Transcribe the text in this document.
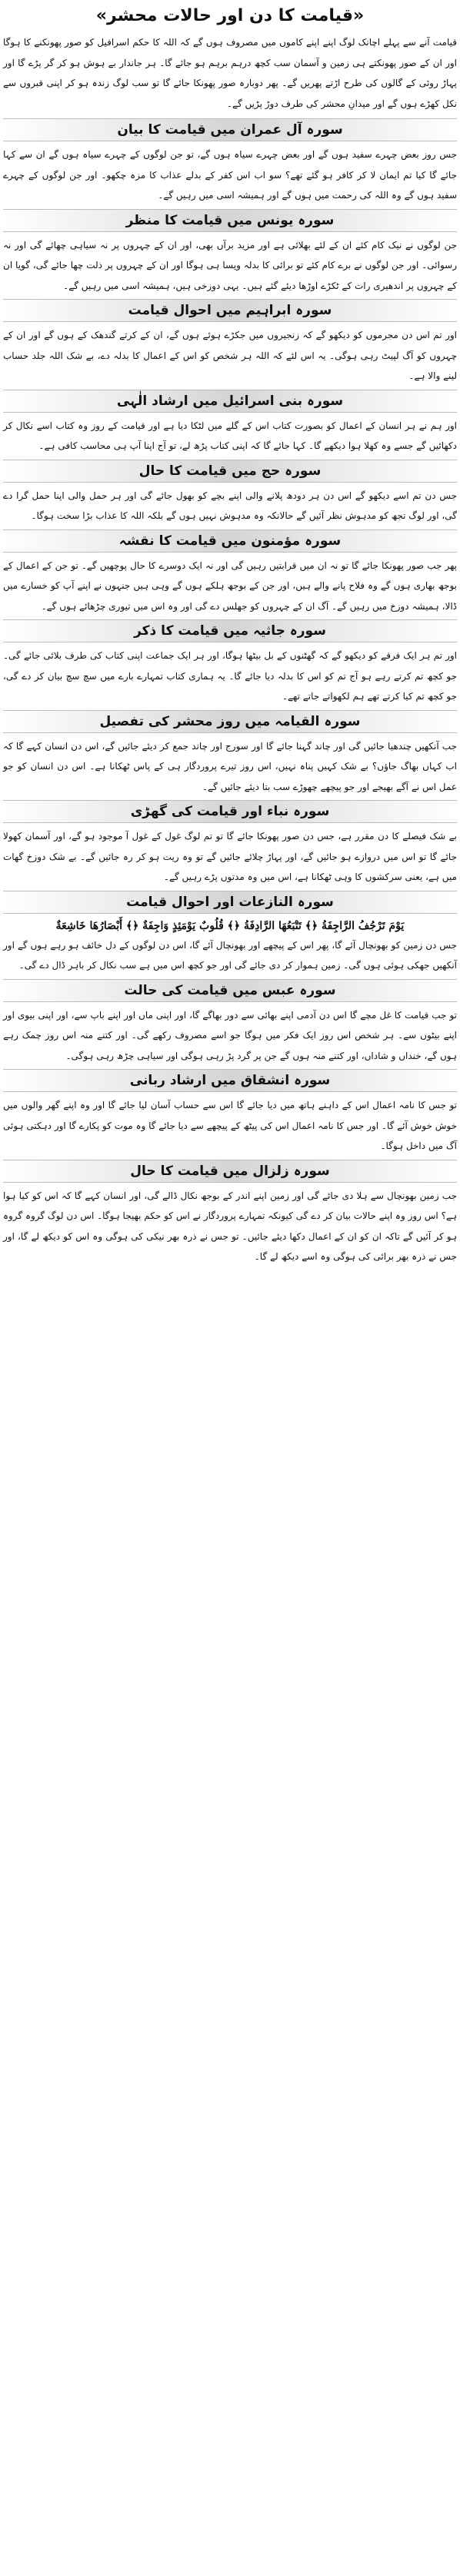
«قیامت کا دن اور حالات محشر»

قیامت آنے سے پہلے اچانک لوگ اپنے اپنے کاموں میں مصروف ہوں گے کہ اللہ کا حکم اسرافیل کو صور پھونکنے کا ہوگا اور ان کے صور پھونکتے ہی زمین و آسمان سب کچھ درہم برہم ہو جائے گا۔ ہر جاندار بے ہوش ہو کر گر پڑے گا اور پہاڑ روئی کے گالوں کی طرح اڑتے پھریں گے۔ پھر دوبارہ صور پھونکا جائے گا تو سب لوگ زندہ ہو کر اپنی قبروں سے نکل کھڑے ہوں گے اور میدانِ محشر کی طرف دوڑ پڑیں گے۔

سورہ آل عمران میں قیامت کا بیان

جس روز بعض چہرے سفید ہوں گے اور بعض چہرے سیاہ ہوں گے، تو جن لوگوں کے چہرے سیاہ ہوں گے ان سے کہا جائے گا کیا تم ایمان لا کر کافر ہو گئے تھے؟ سو اب اس کفر کے بدلے عذاب کا مزہ چکھو۔ اور جن لوگوں کے چہرے سفید ہوں گے وہ اللہ کی رحمت میں ہوں گے اور ہمیشہ اسی میں رہیں گے۔

سورہ یونس میں قیامت کا منظر

جن لوگوں نے نیک کام کئے ان کے لئے بھلائی ہے اور مزید برآں بھی، اور ان کے چہروں پر نہ سیاہی چھائے گی اور نہ رسوائی۔ اور جن لوگوں نے برے کام کئے تو برائی کا بدلہ ویسا ہی ہوگا اور ان کے چہروں پر ذلت چھا جائے گی، گویا ان کے چہروں پر اندھیری رات کے ٹکڑے اوڑھا دیئے گئے ہیں۔ یہی دوزخی ہیں، ہمیشہ اسی میں رہیں گے۔

سورہ ابراہیم میں احوال قیامت

اور تم اس دن مجرموں کو دیکھو گے کہ زنجیروں میں جکڑے ہوئے ہوں گے، ان کے کرتے گندھک کے ہوں گے اور ان کے چہروں کو آگ لپیٹ رہی ہوگی۔ یہ اس لئے کہ اللہ ہر شخص کو اس کے اعمال کا بدلہ دے، بے شک اللہ جلد حساب لینے والا ہے۔

سورہ بنی اسرائیل میں ارشاد الٰہی

اور ہم نے ہر انسان کے اعمال کو بصورت کتاب اس کے گلے میں لٹکا دیا ہے اور قیامت کے روز وہ کتاب اسے نکال کر دکھائیں گے جسے وہ کھلا ہوا دیکھے گا۔ کہا جائے گا کہ اپنی کتاب پڑھ لے، تو آج اپنا آپ ہی محاسب کافی ہے۔

سورہ حج میں قیامت کا حال

جس دن تم اسے دیکھو گے اس دن ہر دودھ پلانے والی اپنے بچے کو بھول جائے گی اور ہر حمل والی اپنا حمل گرا دے گی، اور لوگ تجھ کو مدہوش نظر آئیں گے حالانکہ وہ مدہوش نہیں ہوں گے بلکہ اللہ کا عذاب بڑا سخت ہوگا۔

سورہ مؤمنون میں قیامت کا نقشہ

پھر جب صور پھونکا جائے گا تو نہ ان میں قرابتیں رہیں گی اور نہ ایک دوسرے کا حال پوچھیں گے۔ تو جن کے اعمال کے بوجھ بھاری ہوں گے وہ فلاح پانے والے ہیں، اور جن کے بوجھ ہلکے ہوں گے وہی ہیں جنہوں نے اپنے آپ کو خسارے میں ڈالا، ہمیشہ دوزخ میں رہیں گے۔ آگ ان کے چہروں کو جھلس دے گی اور وہ اس میں تیوری چڑھائے ہوں گے۔

سورہ جاثیہ میں قیامت کا ذکر

اور تم ہر ایک فرقے کو دیکھو گے کہ گھٹنوں کے بل بیٹھا ہوگا، اور ہر ایک جماعت اپنی کتاب کی طرف بلائی جائے گی۔ جو کچھ تم کرتے رہے ہو آج تم کو اس کا بدلہ دیا جائے گا۔ یہ ہماری کتاب تمہارے بارے میں سچ سچ بیان کر دے گی، جو کچھ تم کیا کرتے تھے ہم لکھواتے جاتے تھے۔

سورہ القیامہ میں روز محشر کی تفصیل

جب آنکھیں چندھیا جائیں گی اور چاند گہنا جائے گا اور سورج اور چاند جمع کر دیئے جائیں گے، اس دن انسان کہے گا کہ اب کہاں بھاگ جاؤں؟ بے شک کہیں پناہ نہیں، اس روز تیرے پروردگار ہی کے پاس ٹھکانا ہے۔ اس دن انسان کو جو عمل اس نے آگے بھیجے اور جو پیچھے چھوڑے سب بتا دیئے جائیں گے۔

سورہ نباء اور قیامت کی گھڑی

بے شک فیصلے کا دن مقرر ہے، جس دن صور پھونکا جائے گا تو تم لوگ غول کے غول آ موجود ہو گے، اور آسمان کھولا جائے گا تو اس میں دروازے ہو جائیں گے، اور پہاڑ چلائے جائیں گے تو وہ ریت ہو کر رہ جائیں گے۔ بے شک دوزخ گھات میں ہے، یعنی سرکشوں کا وہی ٹھکانا ہے، اس میں وہ مدتوں پڑے رہیں گے۔

سورہ النازعات اور احوال قیامت

یَوْمَ تَرْجُفُ الرَّاجِفَةُ ﴿﴾ تَتْبَعُهَا الرَّادِفَةُ ﴿﴾ قُلُوبٌ يَوْمَئِذٍ وَاجِفَةٌ ﴿﴾ أَبْصَارُهَا خَاشِعَةٌ

جس دن زمین کو بھونچال آئے گا، پھر اس کے پیچھے اور بھونچال آئے گا، اس دن لوگوں کے دل خائف ہو رہے ہوں گے اور آنکھیں جھکی ہوئی ہوں گی۔ زمین ہموار کر دی جائے گی اور جو کچھ اس میں ہے سب نکال کر باہر ڈال دے گی۔

سورہ عبس میں قیامت کی حالت

تو جب قیامت کا غل مچے گا اس دن آدمی اپنے بھائی سے دور بھاگے گا، اور اپنی ماں اور اپنے باپ سے، اور اپنی بیوی اور اپنے بیٹوں سے۔ ہر شخص اس روز ایک فکر میں ہوگا جو اسے مصروف رکھے گی۔ اور کتنے منہ اس روز چمک رہے ہوں گے، خنداں و شاداں، اور کتنے منہ ہوں گے جن پر گرد پڑ رہی ہوگی اور سیاہی چڑھ رہی ہوگی۔

سورہ انشقاق میں ارشاد ربانی

تو جس کا نامہ اعمال اس کے داہنے ہاتھ میں دیا جائے گا اس سے حساب آسان لیا جائے گا اور وہ اپنے گھر والوں میں خوش خوش آئے گا۔ اور جس کا نامہ اعمال اس کی پیٹھ کے پیچھے سے دیا جائے گا وہ موت کو پکارے گا اور دہکتی ہوئی آگ میں داخل ہوگا۔

سورہ زلزال میں قیامت کا حال

جب زمین بھونچال سے ہلا دی جائے گی اور زمین اپنے اندر کے بوجھ نکال ڈالے گی، اور انسان کہے گا کہ اس کو کیا ہوا ہے؟ اس روز وہ اپنے حالات بیان کر دے گی کیونکہ تمہارے پروردگار نے اس کو حکم بھیجا ہوگا۔ اس دن لوگ گروہ گروہ ہو کر آئیں گے تاکہ ان کو ان کے اعمال دکھا دیئے جائیں۔ تو جس نے ذرہ بھر نیکی کی ہوگی وہ اس کو دیکھ لے گا، اور جس نے ذرہ بھر برائی کی ہوگی وہ اسے دیکھ لے گا۔
